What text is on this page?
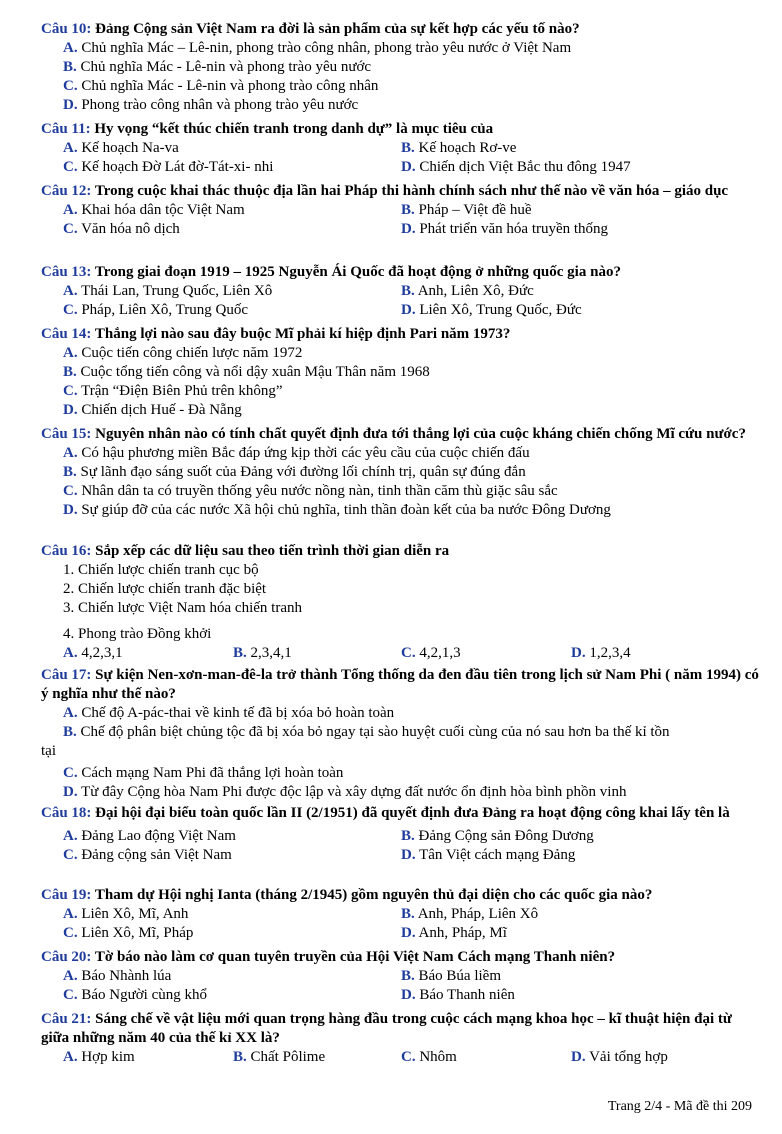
Câu 10: Đảng Cộng sản Việt Nam ra đời là sản phẩm của sự kết hợp các yếu tố nào?
A. Chủ nghĩa Mác – Lê-nin, phong trào công nhân, phong trào yêu nước ở Việt Nam
B. Chủ nghĩa Mác - Lê-nin và phong trào yêu nước
C. Chủ nghĩa Mác - Lê-nin và phong trào công nhân
D. Phong trào công nhân và phong trào yêu nước
Câu 11: Hy vọng “kết thúc chiến tranh trong danh dự” là mục tiêu của
A. Kế hoạch Na-va	B. Kế hoạch Rơ-ve
C. Kế hoạch Đờ Lát đờ-Tát-xi- nhi	D. Chiến dịch Việt Bắc thu đông 1947
Câu 12: Trong cuộc khai thác thuộc địa lần hai Pháp thi hành chính sách như thế nào về văn hóa – giáo dục
A. Khai hóa dân tộc Việt Nam	B. Pháp – Việt đề huề
C. Văn hóa nô dịch	D. Phát triển văn hóa truyền thống
Câu 13: Trong giai đoạn 1919 – 1925 Nguyễn Ái Quốc đã hoạt động ở những quốc gia nào?
A. Thái Lan, Trung Quốc, Liên Xô	B. Anh, Liên Xô, Đức
C. Pháp, Liên Xô, Trung Quốc	D. Liên Xô, Trung Quốc, Đức
Câu 14: Thắng lợi nào sau đây buộc Mĩ phải kí hiệp định Pari năm 1973?
A. Cuộc tiến công chiến lược năm 1972
B. Cuộc tổng tiến công và nổi dậy xuân Mậu Thân năm 1968
C. Trận “Điện Biên Phủ trên không”
D. Chiến dịch Huế - Đà Nẵng
Câu 15: Nguyên nhân nào có tính chất quyết định đưa tới thắng lợi của cuộc kháng chiến chống Mĩ cứu nước?
A. Có hậu phương miền Bắc đáp ứng kịp thời các yêu cầu của cuộc chiến đấu
B. Sự lãnh đạo sáng suốt của Đảng với đường lối chính trị, quân sự đúng đắn
C. Nhân dân ta có truyền thống yêu nước nồng nàn, tinh thần căm thù giặc sâu sắc
D. Sự giúp đỡ của các nước Xã hội chủ nghĩa, tinh thần đoàn kết của ba nước Đông Dương
Câu 16: Sắp xếp các dữ liệu sau theo tiến trình thời gian diễn ra
1. Chiến lược chiến tranh cục bộ
2. Chiến lược chiến tranh đặc biệt
3. Chiến lược Việt Nam hóa chiến tranh
4. Phong trào Đồng khởi
A. 4,2,3,1	B. 2,3,4,1	C. 4,2,1,3	D. 1,2,3,4
Câu 17: Sự kiện Nen-xơn-man-đê-la trở thành Tổng thống da đen đầu tiên trong lịch sử Nam Phi ( năm 1994) có ý nghĩa như thế nào?
A. Chế độ A-pác-thai về kinh tế đã bị xóa bỏ hoàn toàn
B. Chế độ phân biệt chủng tộc đã bị xóa bỏ ngay tại sào huyệt cuối cùng của nó sau hơn ba thế kỉ tồn
tại
C. Cách mạng Nam Phi đã thắng lợi hoàn toàn
D. Từ đây Cộng hòa Nam Phi được độc lập và xây dựng đất nước ổn định hòa bình phồn vinh
Câu 18: Đại hội đại biểu toàn quốc lần II (2/1951) đã quyết định đưa Đảng ra hoạt động công khai lấy tên là
A. Đảng Lao động Việt Nam	B. Đảng Cộng sản Đông Dương
C. Đảng cộng sản Việt Nam	D. Tân Việt cách mạng Đảng
Câu 19: Tham dự Hội nghị Ianta (tháng 2/1945) gồm nguyên thủ đại diện cho các quốc gia nào?
A. Liên Xô, Mĩ, Anh	B. Anh, Pháp, Liên Xô
C. Liên Xô, Mĩ, Pháp	D. Anh, Pháp, Mĩ
Câu 20: Tờ báo nào làm cơ quan tuyên truyền của Hội Việt Nam Cách mạng Thanh niên?
A. Báo Nhành lúa	B. Báo Búa liềm
C. Báo Người cùng khổ	D. Báo Thanh niên
Câu 21: Sáng chế về vật liệu mới quan trọng hàng đầu trong cuộc cách mạng khoa học – kĩ thuật hiện đại từ giữa những năm 40 của thế kỉ XX là?
A. Hợp kim	B. Chất Pôlime	C. Nhôm	D. Vải tổng hợp
Trang 2/4 - Mã đề thi 209
